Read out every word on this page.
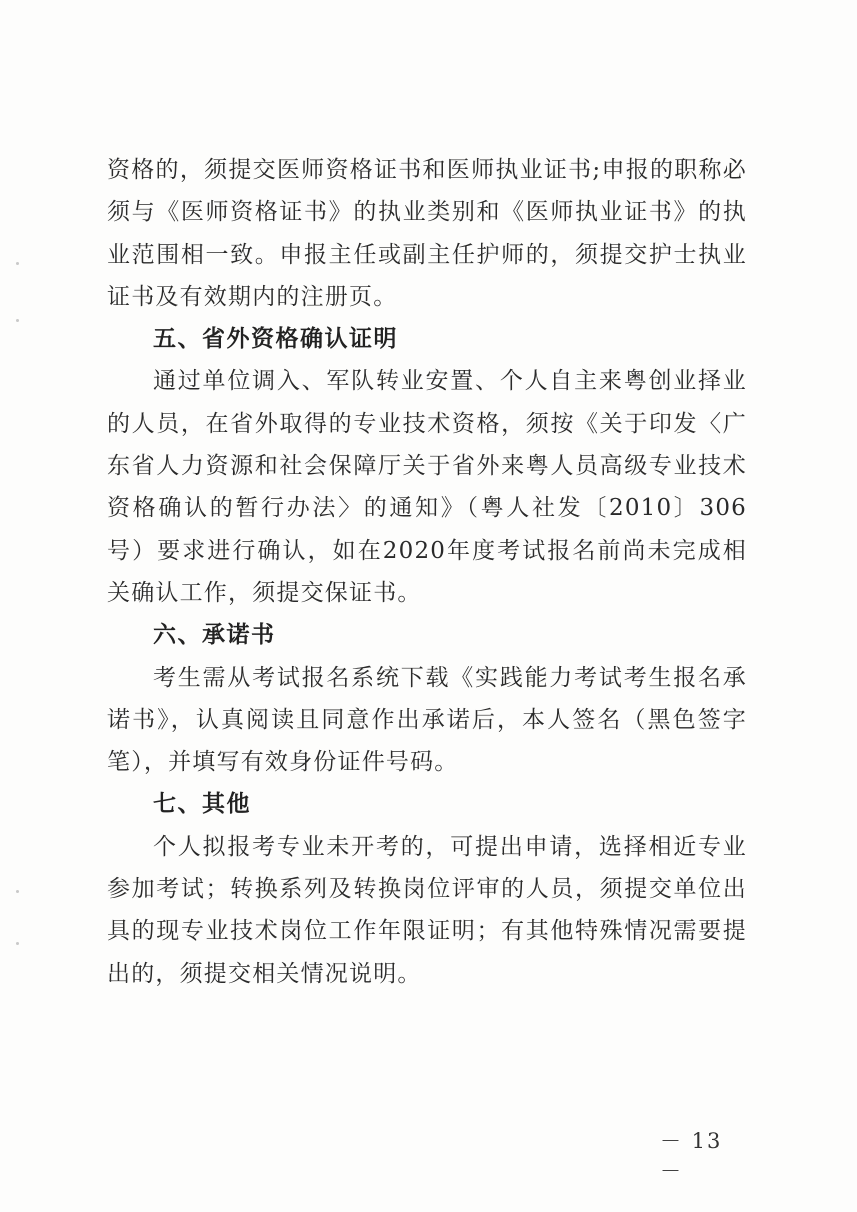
资格的，须提交医师资格证书和医师执业证书;申报的职称必须与《医师资格证书》的执业类别和《医师执业证书》的执业范围相一致。申报主任或副主任护师的，须提交护士执业证书及有效期内的注册页。

五、省外资格确认证明

通过单位调入、军队转业安置、个人自主来粤创业择业的人员，在省外取得的专业技术资格，须按《关于印发〈广东省人力资源和社会保障厅关于省外来粤人员高级专业技术资格确认的暂行办法〉的通知》（粤人社发〔2010〕306号）要求进行确认，如在2020年度考试报名前尚未完成相关确认工作，须提交保证书。

六、承诺书

考生需从考试报名系统下载《实践能力考试考生报名承诺书》，认真阅读且同意作出承诺后，本人签名（黑色签字笔），并填写有效身份证件号码。

七、其他

个人拟报考专业未开考的，可提出申请，选择相近专业参加考试；转换系列及转换岗位评审的人员，须提交单位出具的现专业技术岗位工作年限证明；有其他特殊情况需要提出的，须提交相关情况说明。

－ 13 －
